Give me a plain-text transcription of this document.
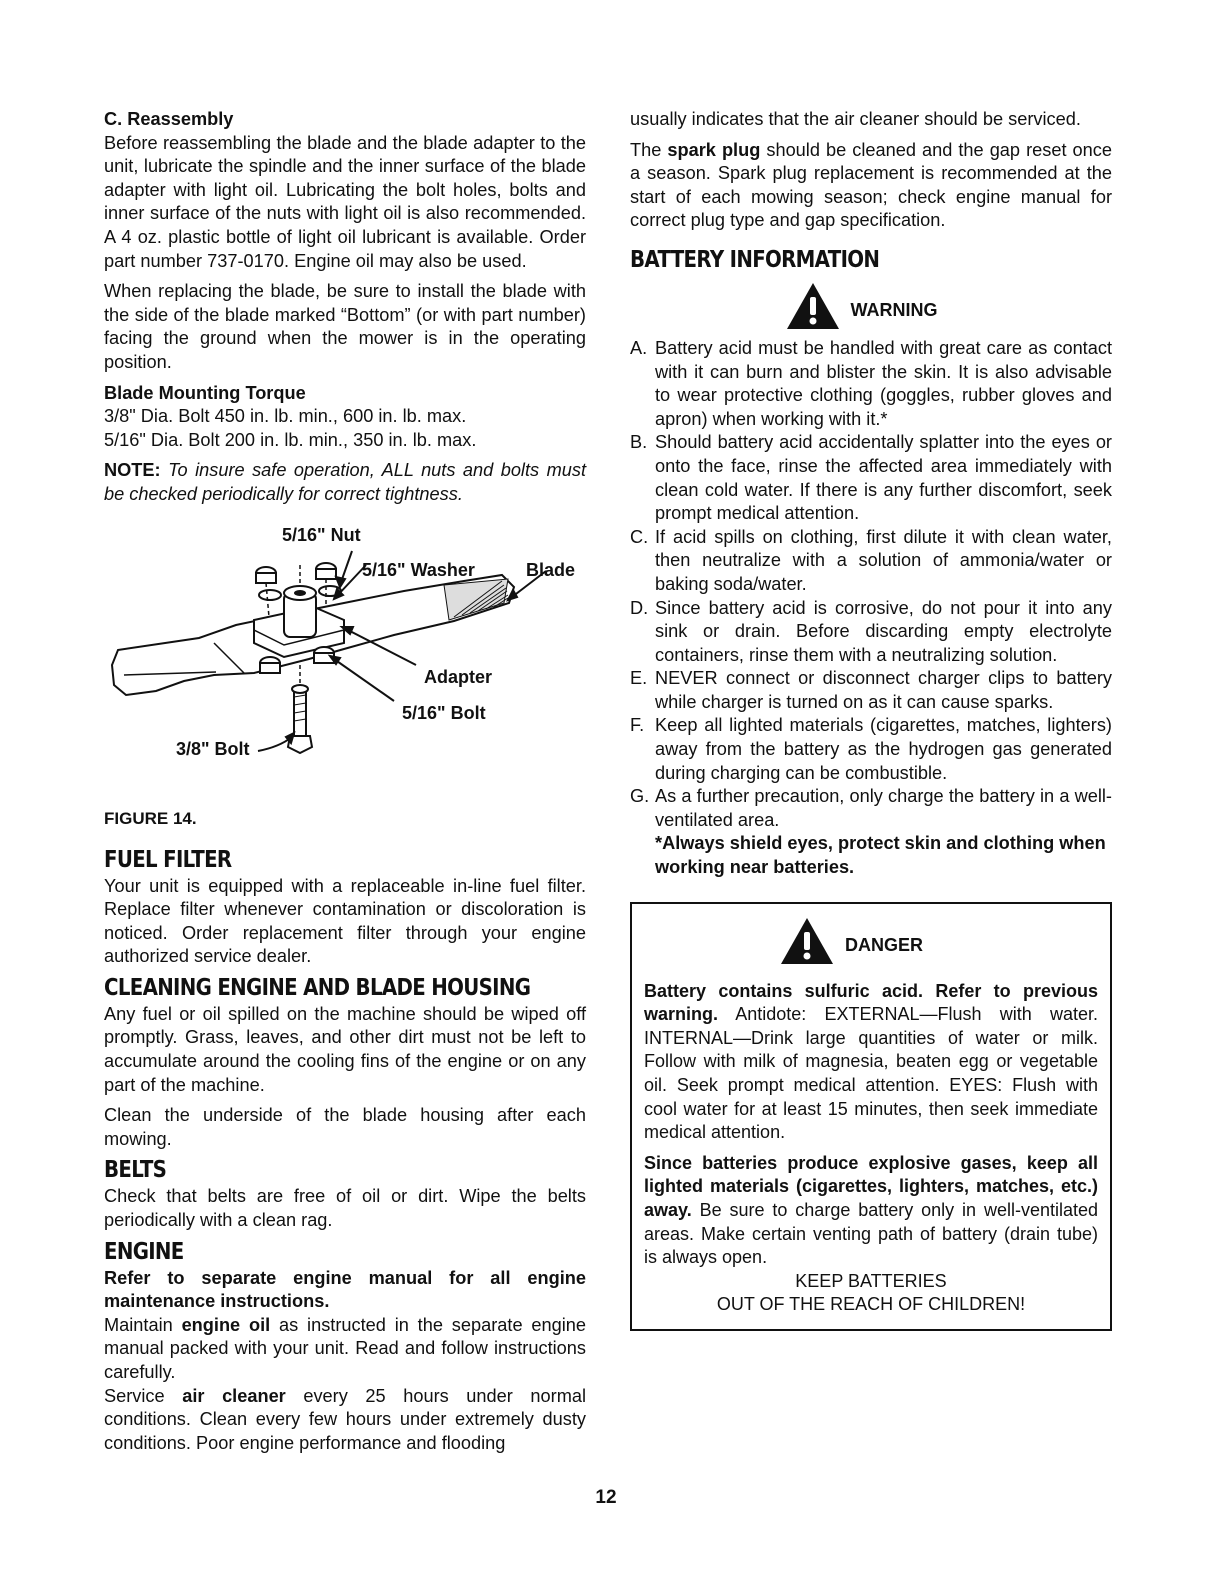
C. Reassembly

Before reassembling the blade and the blade adapter to the unit, lubricate the spindle and the inner surface of the blade adapter with light oil. Lubricating the bolt holes, bolts and inner surface of the nuts with light oil is also recommended. A 4 oz. plastic bottle of light oil lubricant is available. Order part number 737-0170. Engine oil may also be used.

When replacing the blade, be sure to install the blade with the side of the blade marked “Bottom” (or with part number) facing the ground when the mower is in the operating position.

Blade Mounting Torque

3/8" Dia. Bolt 450 in. lb. min., 600 in. lb. max.

5/16" Dia. Bolt 200 in. lb. min., 350 in. lb. max.

NOTE: To insure safe operation, ALL nuts and bolts must be checked periodically for correct tightness.

5/16" Nut
5/16" Washer	Blade
Adapter
5/16" Bolt
3/8" Bolt
FIGURE 14.
FUEL FILTER

Your unit is equipped with a replaceable in-line fuel filter. Replace filter whenever contamination or discoloration is noticed. Order replacement filter through your engine authorized service dealer.

CLEANING ENGINE AND BLADE HOUSING

Any fuel or oil spilled on the machine should be wiped off promptly. Grass, leaves, and other dirt must not be left to accumulate around the cooling fins of the engine or on any part of the machine.

Clean the underside of the blade housing after each mowing.

BELTS

Check that belts are free of oil or dirt. Wipe the belts periodically with a clean rag.

ENGINE

Refer to separate engine manual for all engine maintenance instructions.

Maintain engine oil as instructed in the separate engine manual packed with your unit. Read and follow instructions carefully.

Service air cleaner every 25 hours under normal conditions. Clean every few hours under extremely dusty conditions. Poor engine performance and flooding

usually indicates that the air cleaner should be serviced.

The spark plug should be cleaned and the gap reset once a season. Spark plug replacement is recommended at the start of each mowing season; check engine manual for correct plug type and gap specification.

BATTERY INFORMATION
WARNING
A. Battery acid must be handled with great care as contact with it can burn and blister the skin. It is also advisable to wear protective clothing (goggles, rubber gloves and apron) when working with it.*
B. Should battery acid accidentally splatter into the eyes or onto the face, rinse the affected area immediately with clean cold water. If there is any further discomfort, seek prompt medical attention.
C. If acid spills on clothing, first dilute it with clean water, then neutralize with a solution of ammonia/water or baking soda/water.
D. Since battery acid is corrosive, do not pour it into any sink or drain. Before discarding empty electrolyte containers, rinse them with a neutralizing solution.
E. NEVER connect or disconnect charger clips to battery while charger is turned on as it can cause sparks.
F. Keep all lighted materials (cigarettes, matches, lighters) away from the battery as the hydrogen gas generated during charging can be combustible.
G. As a further precaution, only charge the battery in a well-ventilated area.
*Always shield eyes, protect skin and clothing when working near batteries.
DANGER

Battery contains sulfuric acid. Refer to previous warning. Antidote: EXTERNAL—Flush with water. INTERNAL—Drink large quantities of water or milk. Follow with milk of magnesia, beaten egg or vegetable oil. Seek prompt medical attention. EYES: Flush with cool water for at least 15 minutes, then seek immediate medical attention.

Since batteries produce explosive gases, keep all lighted materials (cigarettes, lighters, matches, etc.) away. Be sure to charge battery only in well-ventilated areas. Make certain venting path of battery (drain tube) is always open.

KEEP BATTERIES

OUT OF THE REACH OF CHILDREN!

12
